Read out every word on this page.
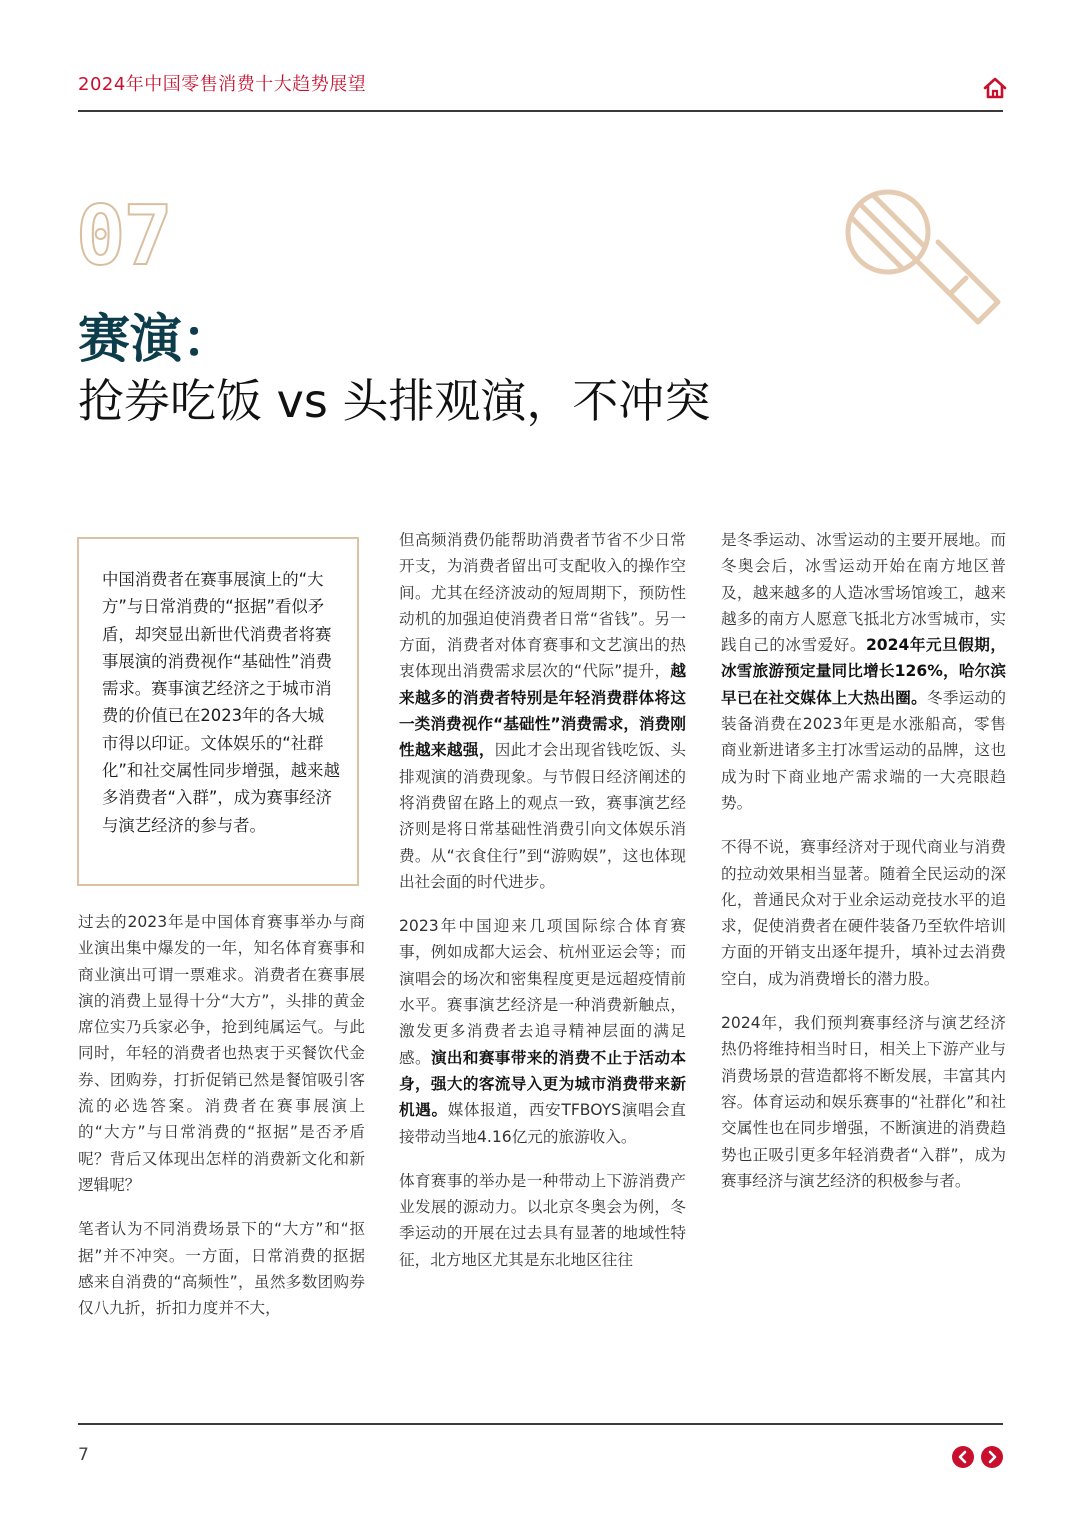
2024年中国零售消费十大趋势展望
07
赛演：
抢券吃饭 vs 头排观演，不冲突
中国消费者在赛事展演上的“大方”与日常消费的“抠据”看似矛盾，却突显出新世代消费者将赛事展演的消费视作“基础性”消费需求。赛事演艺经济之于城市消费的价值已在2023年的各大城市得以印证。文体娱乐的“社群化”和社交属性同步增强，越来越多消费者“入群”，成为赛事经济与演艺经济的参与者。

过去的2023年是中国体育赛事举办与商业演出集中爆发的一年，知名体育赛事和商业演出可谓一票难求。消费者在赛事展演的消费上显得十分“大方”，头排的黄金席位实乃兵家必争，抢到纯属运气。与此同时，年轻的消费者也热衷于买餐饮代金券、团购券，打折促销已然是餐馆吸引客流的必选答案。消费者在赛事展演上的“大方”与日常消费的“抠据”是否矛盾呢？背后又体现出怎样的消费新文化和新逻辑呢？

笔者认为不同消费场景下的“大方”和“抠据”并不冲突。一方面，日常消费的抠据感来自消费的“高频性”，虽然多数团购券仅八九折，折扣力度并不大，

但高频消费仍能帮助消费者节省不少日常开支，为消费者留出可支配收入的操作空间。尤其在经济波动的短周期下，预防性动机的加强迫使消费者日常“省钱”。另一方面，消费者对体育赛事和文艺演出的热衷体现出消费需求层次的“代际”提升，越来越多的消费者特别是年轻消费群体将这一类消费视作“基础性”消费需求，消费刚性越来越强，因此才会出现省钱吃饭、头排观演的消费现象。与节假日经济阐述的将消费留在路上的观点一致，赛事演艺经济则是将日常基础性消费引向文体娱乐消费。从“衣食住行”到“游购娱”，这也体现出社会面的时代进步。

2023年中国迎来几项国际综合体育赛事，例如成都大运会、杭州亚运会等；而演唱会的场次和密集程度更是远超疫情前水平。赛事演艺经济是一种消费新触点，激发更多消费者去追寻精神层面的满足感。演出和赛事带来的消费不止于活动本身，强大的客流导入更为城市消费带来新机遇。媒体报道，西安TFBOYS演唱会直接带动当地4.16亿元的旅游收入。

体育赛事的举办是一种带动上下游消费产业发展的源动力。以北京冬奥会为例，冬季运动的开展在过去具有显著的地域性特征，北方地区尤其是东北地区往往

是冬季运动、冰雪运动的主要开展地。而冬奥会后，冰雪运动开始在南方地区普及，越来越多的人造冰雪场馆竣工，越来越多的南方人愿意飞抵北方冰雪城市，实践自己的冰雪爱好。2024年元旦假期，冰雪旅游预定量同比增长126%，哈尔滨早已在社交媒体上大热出圈。冬季运动的装备消费在2023年更是水涨船高，零售商业新进诸多主打冰雪运动的品牌，这也成为时下商业地产需求端的一大亮眼趋势。

不得不说，赛事经济对于现代商业与消费的拉动效果相当显著。随着全民运动的深化，普通民众对于业余运动竞技水平的追求，促使消费者在硬件装备乃至软件培训方面的开销支出逐年提升，填补过去消费空白，成为消费增长的潜力股。

2024年，我们预判赛事经济与演艺经济热仍将维持相当时日，相关上下游产业与消费场景的营造都将不断发展，丰富其内容。体育运动和娱乐赛事的“社群化”和社交属性也在同步增强，不断演进的消费趋势也正吸引更多年轻消费者“入群”，成为赛事经济与演艺经济的积极参与者。

7
